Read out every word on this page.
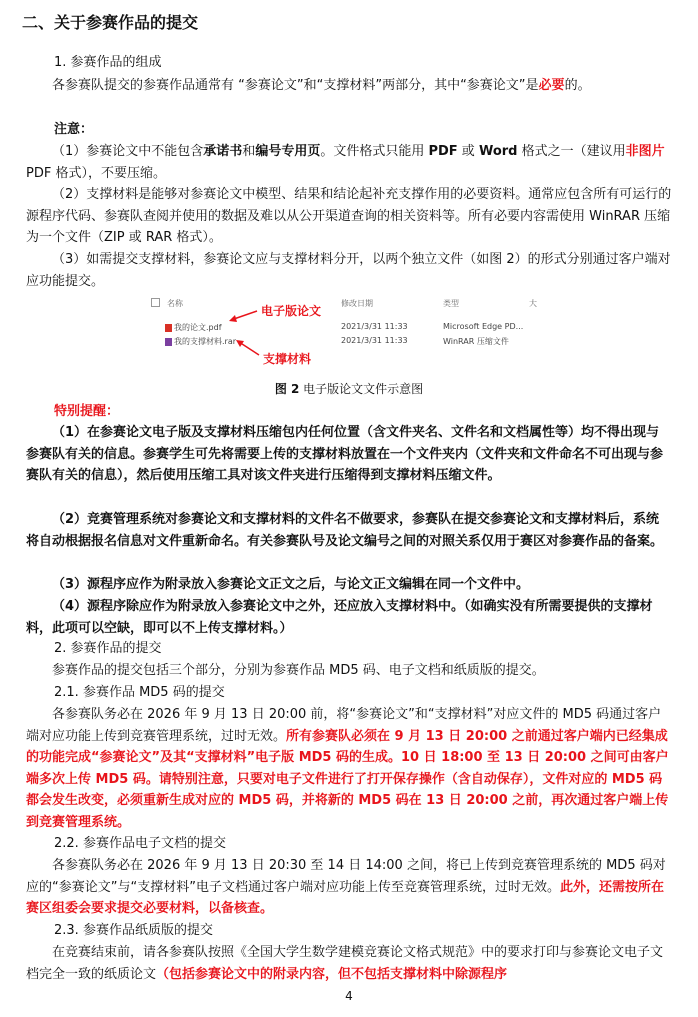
二、关于参赛作品的提交

1. 参赛作品的组成

各参赛队提交的参赛作品通常有 “参赛论文”和“支撑材料”两部分，其中“参赛论文”是必要的。

注意：

（1）参赛论文中不能包含承诺书和编号专用页。文件格式只能用 PDF 或 Word 格式之一（建议用非图片 PDF 格式），不要压缩。

（2）支撑材料是能够对参赛论文中模型、结果和结论起补充支撑作用的必要资料。通常应包含所有可运行的源程序代码、参赛队查阅并使用的数据及难以从公开渠道查询的相关资料等。所有必要内容需使用 WinRAR 压缩为一个文件（ZIP 或 RAR 格式）。

（3）如需提交支撑材料，参赛论文应与支撑材料分开，以两个独立文件（如图 2）的形式分别通过客户端对应功能提交。

名称	修改日期	类型	大
我的论文.pdf	2021/3/31 11:33	Microsoft Edge PD...
我的支撑材料.rar	2021/3/31 11:33	WinRAR 压缩文件
电子版论文
支撑材料
图 2 电子版论文文件示意图

特别提醒：

（1）在参赛论文电子版及支撑材料压缩包内任何位置（含文件夹名、文件名和文档属性等）均不得出现与参赛队有关的信息。参赛学生可先将需要上传的支撑材料放置在一个文件夹内（文件夹和文件命名不可出现与参赛队有关的信息），然后使用压缩工具对该文件夹进行压缩得到支撑材料压缩文件。

（2）竞赛管理系统对参赛论文和支撑材料的文件名不做要求，参赛队在提交参赛论文和支撑材料后，系统将自动根据报名信息对文件重新命名。有关参赛队号及论文编号之间的对照关系仅用于赛区对参赛作品的备案。

（3）源程序应作为附录放入参赛论文正文之后，与论文正文编辑在同一个文件中。

（4）源程序除应作为附录放入参赛论文中之外，还应放入支撑材料中。（如确实没有所需要提供的支撑材料，此项可以空缺，即可以不上传支撑材料。）

2. 参赛作品的提交

参赛作品的提交包括三个部分，分别为参赛作品 MD5 码、电子文档和纸质版的提交。

2.1. 参赛作品 MD5 码的提交

各参赛队务必在 2026 年 9 月 13 日 20:00 前，将“参赛论文”和“支撑材料”对应文件的 MD5 码通过客户端对应功能上传到竞赛管理系统，过时无效。所有参赛队必须在 9 月 13 日 20:00 之前通过客户端内已经集成的功能完成“参赛论文”及其“支撑材料”电子版 MD5 码的生成。10 日 18:00 至 13 日 20:00 之间可由客户端多次上传 MD5 码。请特别注意，只要对电子文件进行了打开保存操作（含自动保存），文件对应的 MD5 码都会发生改变，必须重新生成对应的 MD5 码，并将新的 MD5 码在 13 日 20:00 之前，再次通过客户端上传到竞赛管理系统。

2.2. 参赛作品电子文档的提交

各参赛队务必在 2026 年 9 月 13 日 20:30 至 14 日 14:00 之间，将已上传到竞赛管理系统的 MD5 码对应的“参赛论文”与“支撑材料”电子文档通过客户端对应功能上传至竞赛管理系统，过时无效。此外，还需按所在赛区组委会要求提交必要材料，以备核查。

2.3. 参赛作品纸质版的提交

在竞赛结束前，请各参赛队按照《全国大学生数学建模竞赛论文格式规范》中的要求打印与参赛论文电子文档完全一致的纸质论文（包括参赛论文中的附录内容，但不包括支撑材料中除源程序

4
